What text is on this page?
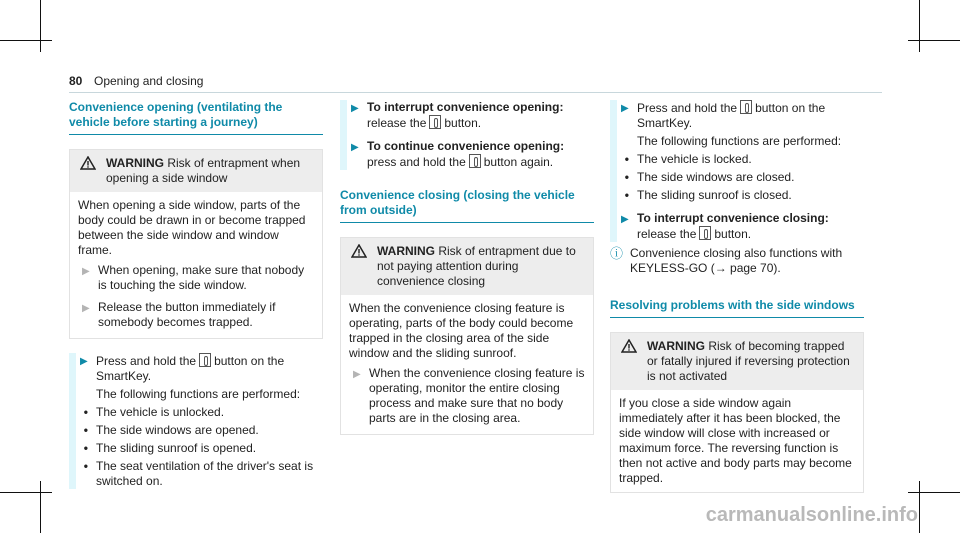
80 Opening and closing
Convenience opening (ventilating the vehicle before starting a journey)
WARNING Risk of entrapment when opening a side window
When opening a side window, parts of the body could be drawn in or become trapped between the side window and window frame.
▶ When opening, make sure that nobody is touching the side window.
▶ Release the button immediately if somebody becomes trapped.
▶ Press and hold the button on the SmartKey.
The following functions are performed:
• The vehicle is unlocked.
• The side windows are opened.
• The sliding sunroof is opened.
• The seat ventilation of the driver's seat is switched on.
▶ To interrupt convenience opening: release the button.
▶ To continue convenience opening: press and hold the button again.
Convenience closing (closing the vehicle from outside)
WARNING Risk of entrapment due to not paying attention during convenience closing
When the convenience closing feature is operating, parts of the body could become trapped in the closing area of the side window and the sliding sunroof.
▶ When the convenience closing feature is operating, monitor the entire closing process and make sure that no body parts are in the closing area.
▶ Press and hold the button on the SmartKey.
The following functions are performed:
• The vehicle is locked.
• The side windows are closed.
• The sliding sunroof is closed.
▶ To interrupt convenience closing: release the button.
ⓘ Convenience closing also functions with KEYLESS-GO (→ page 70).
Resolving problems with the side windows
WARNING Risk of becoming trapped or fatally injured if reversing protection is not activated
If you close a side window again immediately after it has been blocked, the side window will close with increased or maximum force. The reversing function is then not active and body parts may become trapped.
carmanualsonline.info
